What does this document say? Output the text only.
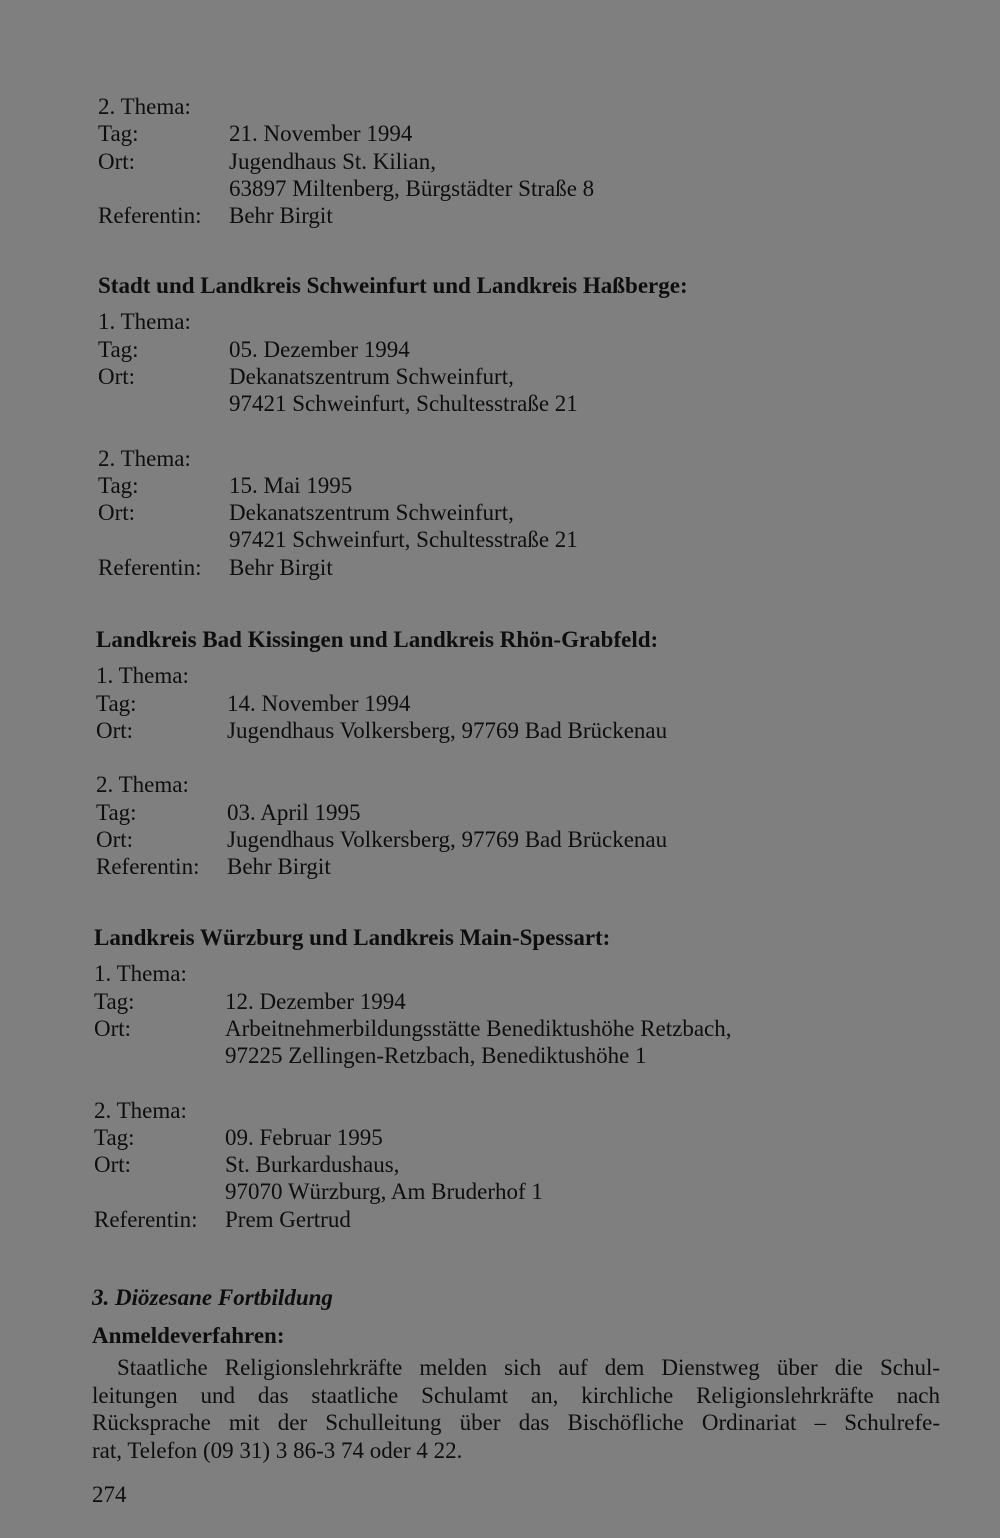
2. Thema:
Tag:	21. November 1994
Ort:	Jugendhaus St. Kilian,
63897 Miltenberg, Bürgstädter Straße 8
Referentin: Behr Birgit
Stadt und Landkreis Schweinfurt und Landkreis Haßberge:
1. Thema:
Tag:	05. Dezember 1994
Ort:	Dekanatszentrum Schweinfurt,
97421 Schweinfurt, Schultesstraße 21
2. Thema:
Tag:	15. Mai 1995
Ort:	Dekanatszentrum Schweinfurt,
97421 Schweinfurt, Schultesstraße 21
Referentin: Behr Birgit
Landkreis Bad Kissingen und Landkreis Rhön-Grabfeld:
1. Thema:
Tag:	14. November 1994
Ort:	Jugendhaus Volkersberg, 97769 Bad Brückenau
2. Thema:
Tag:	03. April 1995
Ort:	Jugendhaus Volkersberg, 97769 Bad Brückenau
Referentin: Behr Birgit
Landkreis Würzburg und Landkreis Main-Spessart:
1. Thema:
Tag:	12. Dezember 1994
Ort:	Arbeitnehmerbildungsstätte Benediktushöhe Retzbach,
97225 Zellingen-Retzbach, Benediktushöhe 1
2. Thema:
Tag:	09. Februar 1995
Ort:	St. Burkardushaus,
97070 Würzburg, Am Bruderhof 1
Referentin: Prem Gertrud
3. Diözesane Fortbildung
Anmeldeverfahren:
Staatliche Religionslehrkräfte melden sich auf dem Dienstweg über die Schul-
leitungen und das staatliche Schulamt an, kirchliche Religionslehrkräfte nach
Rücksprache mit der Schulleitung über das Bischöfliche Ordinariat – Schulrefe-
rat, Telefon (09 31) 3 86-3 74 oder 4 22.
274
